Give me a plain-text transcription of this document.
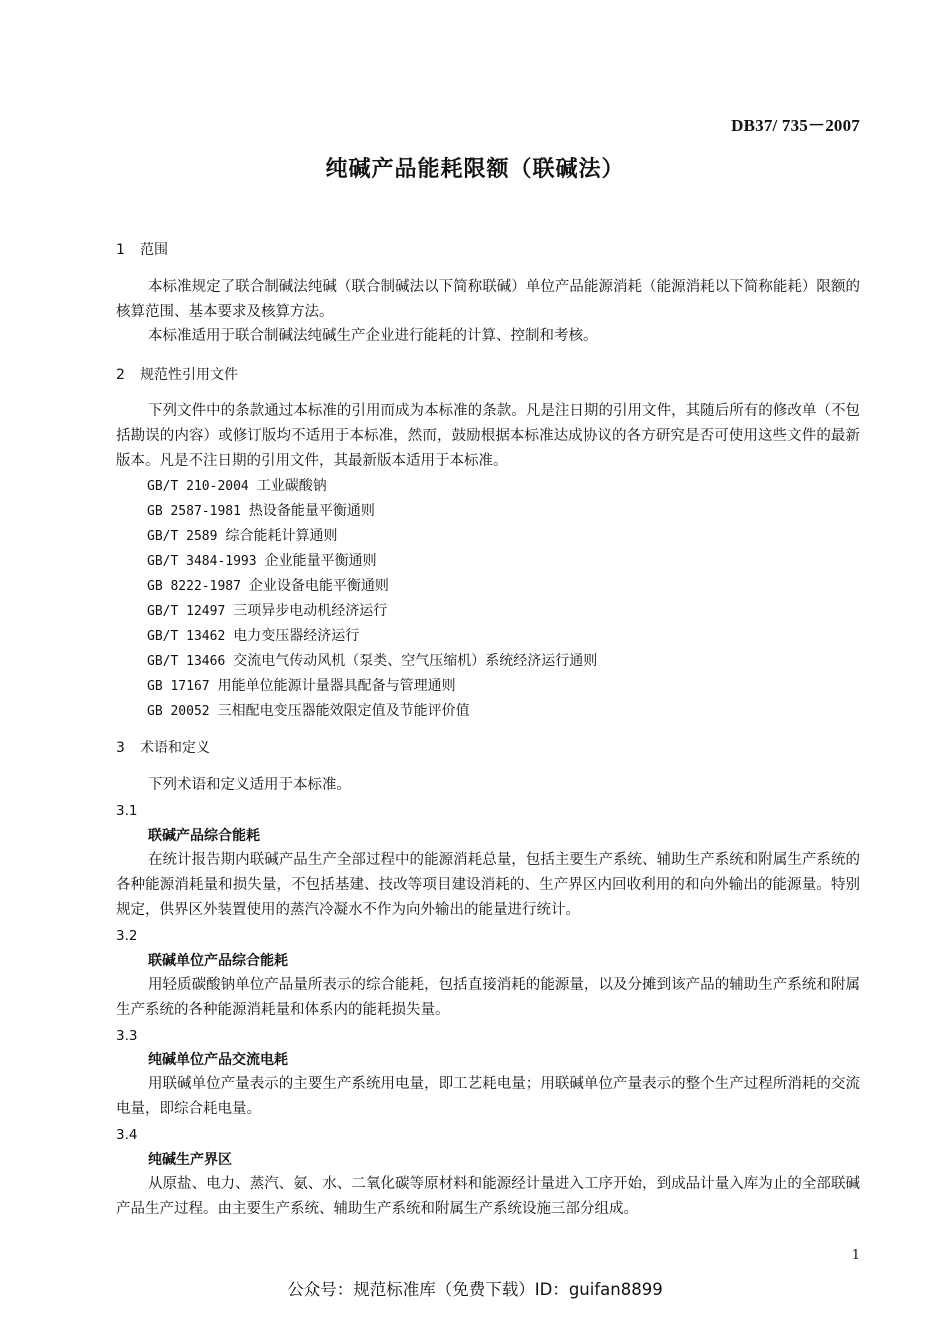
DB37/ 735－2007
纯碱产品能耗限额（联碱法）
1 范围
本标准规定了联合制碱法纯碱（联合制碱法以下简称联碱）单位产品能源消耗（能源消耗以下简称能耗）限额的核算范围、基本要求及核算方法。
本标准适用于联合制碱法纯碱生产企业进行能耗的计算、控制和考核。
2 规范性引用文件
下列文件中的条款通过本标准的引用而成为本标准的条款。凡是注日期的引用文件，其随后所有的修改单（不包括勘误的内容）或修订版均不适用于本标准，然而，鼓励根据本标准达成协议的各方研究是否可使用这些文件的最新版本。凡是不注日期的引用文件，其最新版本适用于本标准。
GB/T 210-2004 工业碳酸钠
GB 2587-1981 热设备能量平衡通则
GB/T 2589 综合能耗计算通则
GB/T 3484-1993 企业能量平衡通则
GB 8222-1987 企业设备电能平衡通则
GB/T 12497 三项异步电动机经济运行
GB/T 13462 电力变压器经济运行
GB/T 13466 交流电气传动风机（泵类、空气压缩机）系统经济运行通则
GB 17167 用能单位能源计量器具配备与管理通则
GB 20052 三相配电变压器能效限定值及节能评价值
3 术语和定义
下列术语和定义适用于本标准。
3.1
联碱产品综合能耗
在统计报告期内联碱产品生产全部过程中的能源消耗总量，包括主要生产系统、辅助生产系统和附属生产系统的各种能源消耗量和损失量，不包括基建、技改等项目建设消耗的、生产界区内回收利用的和向外输出的能源量。特别规定，供界区外装置使用的蒸汽冷凝水不作为向外输出的能量进行统计。
3.2
联碱单位产品综合能耗
用轻质碳酸钠单位产品量所表示的综合能耗，包括直接消耗的能源量，以及分摊到该产品的辅助生产系统和附属生产系统的各种能源消耗量和体系内的能耗损失量。
3.3
纯碱单位产品交流电耗
用联碱单位产量表示的主要生产系统用电量，即工艺耗电量；用联碱单位产量表示的整个生产过程所消耗的交流电量，即综合耗电量。
3.4
纯碱生产界区
从原盐、电力、蒸汽、氨、水、二氧化碳等原材料和能源经计量进入工序开始，到成品计量入库为止的全部联碱产品生产过程。由主要生产系统、辅助生产系统和附属生产系统设施三部分组成。
1
公众号：规范标准库（免费下载）ID：guifan8899
